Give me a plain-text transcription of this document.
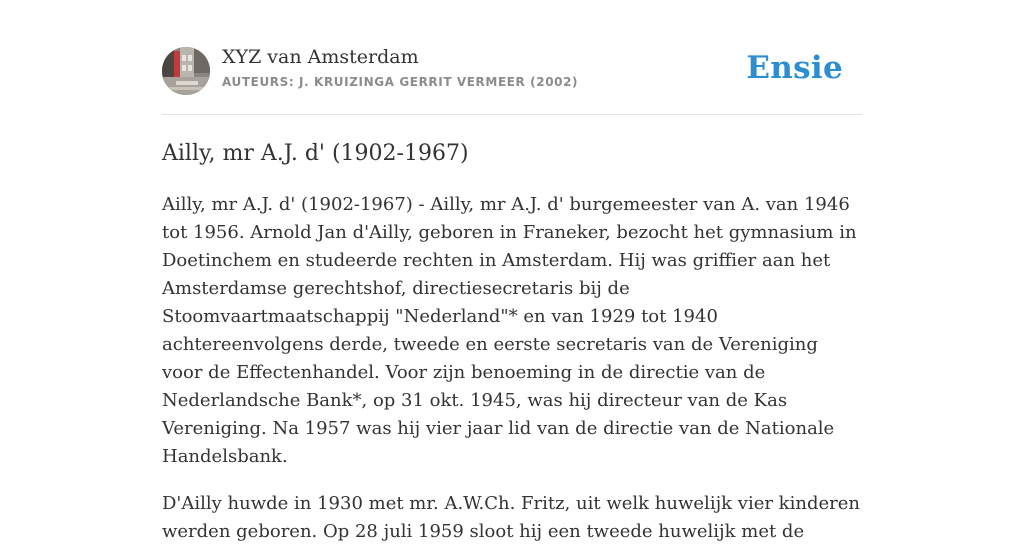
XYZ van Amsterdam
AUTEURS: J. KRUIZINGA GERRIT VERMEER (2002)	Ensie
Ailly, mr A.J. d' (1902-1967)

Ailly, mr A.J. d' (1902-1967) - Ailly, mr A.J. d' burgemeester van A. van 1946 tot 1956. Arnold Jan d'Ailly, geboren in Franeker, bezocht het gymnasium in Doetinchem en studeerde rechten in Amsterdam. Hij was griffier aan het Amsterdamse gerechtshof, directiesecretaris bij de Stoomvaartmaatschappij "Nederland"* en van 1929 tot 1940 achtereenvolgens derde, tweede en eerste secretaris van de Vereniging voor de Effectenhandel. Voor zijn benoeming in de directie van de Nederlandsche Bank*, op 31 okt. 1945, was hij directeur van de Kas Vereniging. Na 1957 was hij vier jaar lid van de directie van de Nationale Handelsbank.

D'Ailly huwde in 1930 met mr. A.W.Ch. Fritz, uit welk huwelijk vier kinderen werden geboren. Op 28 juli 1959 sloot hij een tweede huwelijk met de
